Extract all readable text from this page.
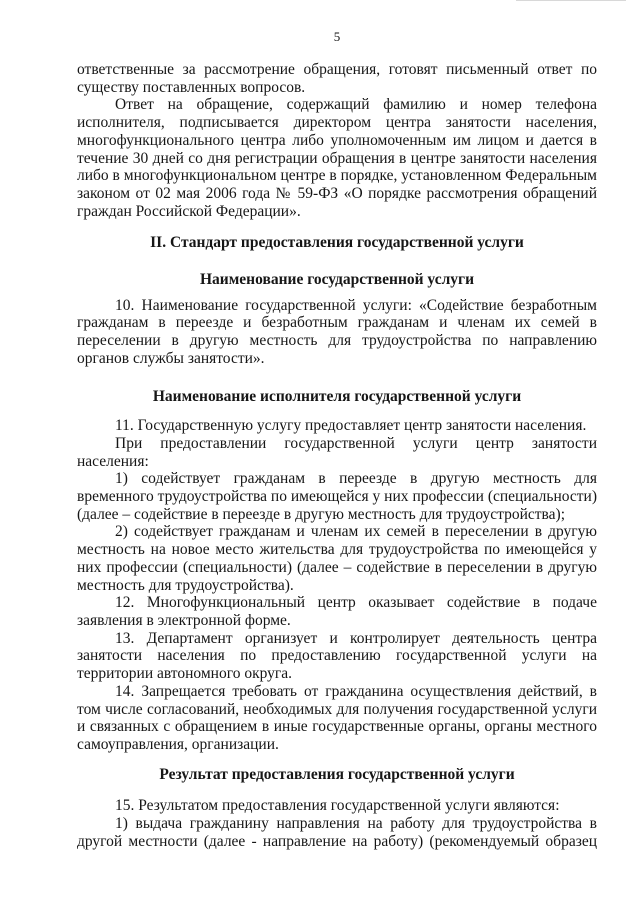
5

ответственные за рассмотрение обращения, готовят письменный ответ по существу поставленных вопросов.

Ответ на обращение, содержащий фамилию и номер телефона исполнителя, подписывается директором центра занятости населения, многофункционального центра либо уполномоченным им лицом и дается в течение 30 дней со дня регистрации обращения в центре занятости населения либо в многофункциональном центре в порядке, установленном Федеральным законом от 02 мая 2006 года № 59-ФЗ «О порядке рассмотрения обращений граждан Российской Федерации».

II. Стандарт предоставления государственной услуги
Наименование государственной услуги

10. Наименование государственной услуги: «Содействие безработным гражданам в переезде и безработным гражданам и членам их семей в переселении в другую местность для трудоустройства по направлению органов службы занятости».

Наименование исполнителя государственной услуги

11. Государственную услугу предоставляет центр занятости населения.

При предоставлении государственной услуги центр занятости населения:

1) содействует гражданам в переезде в другую местность для временного трудоустройства по имеющейся у них профессии (специальности) (далее – содействие в переезде в другую местность для трудоустройства);

2) содействует гражданам и членам их семей в переселении в другую местность на новое место жительства для трудоустройства по имеющейся у них профессии (специальности) (далее – содействие в переселении в другую местность для трудоустройства).

12. Многофункциональный центр оказывает содействие в подаче заявления в электронной форме.

13. Департамент организует и контролирует деятельность центра занятости населения по предоставлению государственной услуги на территории автономного округа.

14. Запрещается требовать от гражданина осуществления действий, в том числе согласований, необходимых для получения государственной услуги и связанных с обращением в иные государственные органы, органы местного самоуправления, организации.

Результат предоставления государственной услуги

15. Результатом предоставления государственной услуги являются:

1) выдача гражданину направления на работу для трудоустройства в другой местности (далее - направление на работу) (рекомендуемый образец
